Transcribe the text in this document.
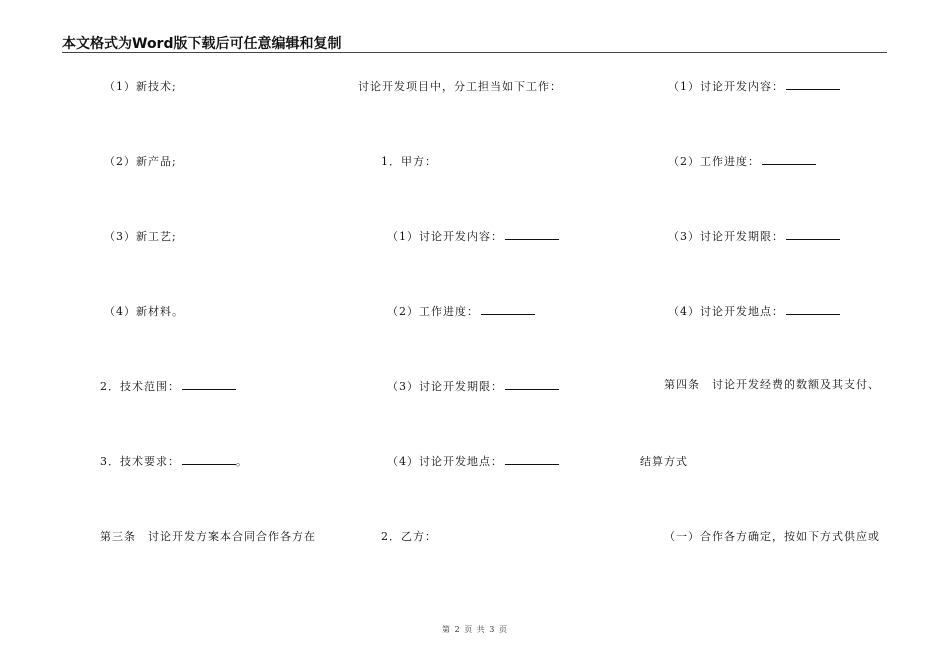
本文格式为Word版下载后可任意编辑和复制
（1）新技术;
（2）新产品;
（3）新工艺;
（4）新材料。
2．技术范围：
3．技术要求：	。
第三条　讨论开发方案本合同合作各方在
讨论开发项目中，分工担当如下工作：
1．甲方：
（1）讨论开发内容：
（2）工作进度：
（3）讨论开发期限：
（4）讨论开发地点：
2．乙方：
（1）讨论开发内容：
（2）工作进度：
（3）讨论开发期限：
（4）讨论开发地点：
第四条　讨论开发经费的数额及其支付、
结算方式
（一）合作各方确定，按如下方式供应或
第 2 页 共 3 页
